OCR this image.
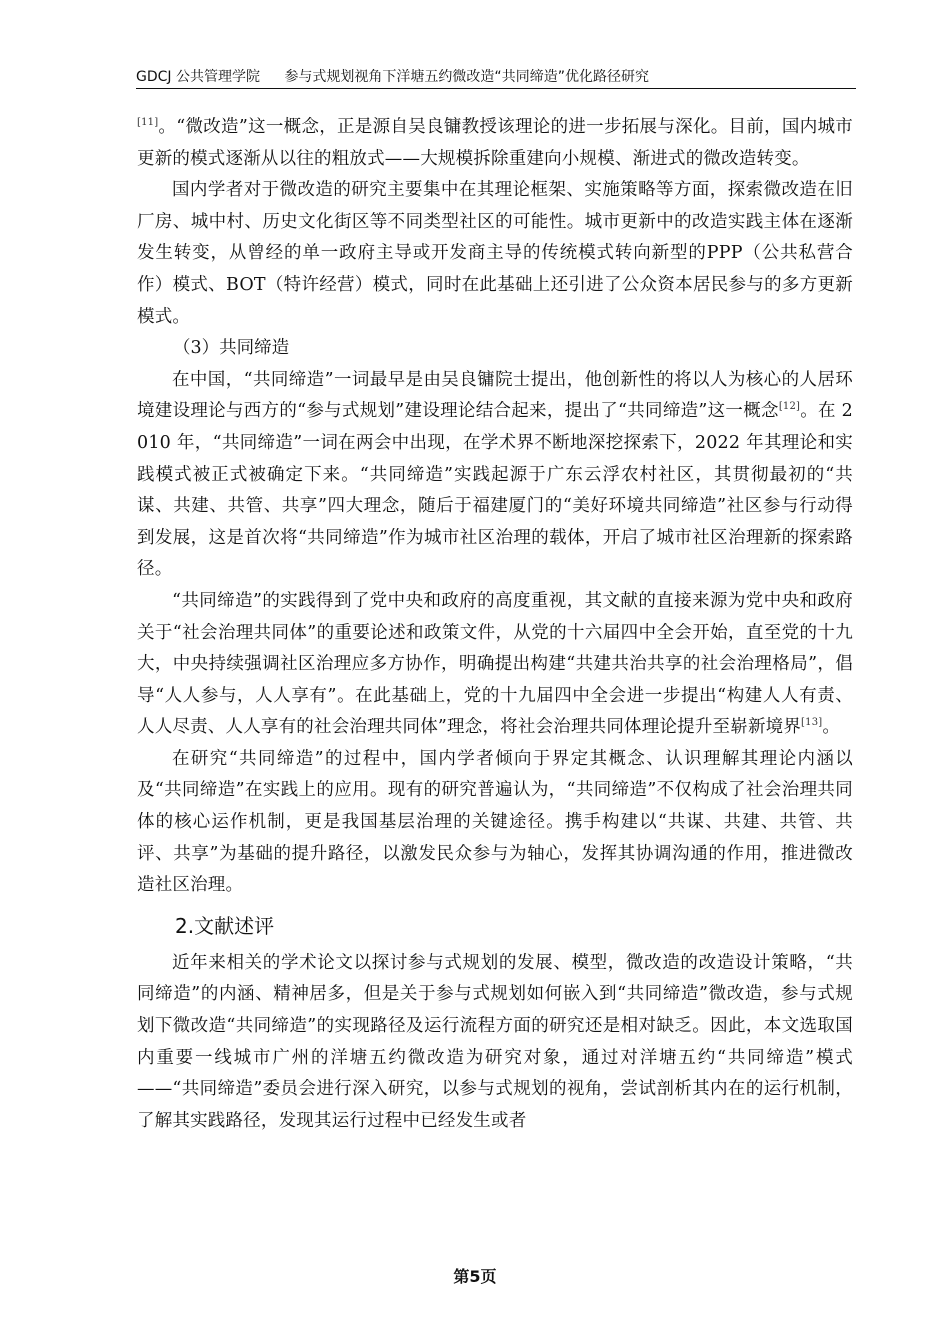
GDCJ 公共管理学院 参与式规划视角下洋塘五约微改造“共同缔造”优化路径研究

[11]。“微改造”这一概念，正是源自吴良镛教授该理论的进一步拓展与深化。目前，国内城市更新的模式逐渐从以往的粗放式——大规模拆除重建向小规模、渐进式的微改造转变。

国内学者对于微改造的研究主要集中在其理论框架、实施策略等方面，探索微改造在旧厂房、城中村、历史文化街区等不同类型社区的可能性。城市更新中的改造实践主体在逐渐发生转变，从曾经的单一政府主导或开发商主导的传统模式转向新型的PPP（公共私营合作）模式、BOT（特许经营）模式，同时在此基础上还引进了公众资本居民参与的多方更新模式。

（3）共同缔造

在中国，“共同缔造”一词最早是由吴良镛院士提出，他创新性的将以人为核心的人居环境建设理论与西方的“参与式规划”建设理论结合起来，提出了“共同缔造”这一概念[12]。在 2010 年，“共同缔造”一词在两会中出现，在学术界不断地深挖探索下，2022 年其理论和实践模式被正式被确定下来。“共同缔造”实践起源于广东云浮农村社区，其贯彻最初的“共谋、共建、共管、共享”四大理念，随后于福建厦门的“美好环境共同缔造”社区参与行动得到发展，这是首次将“共同缔造”作为城市社区治理的载体，开启了城市社区治理新的探索路径。

“共同缔造”的实践得到了党中央和政府的高度重视，其文献的直接来源为党中央和政府关于“社会治理共同体”的重要论述和政策文件，从党的十六届四中全会开始，直至党的十九大，中央持续强调社区治理应多方协作，明确提出构建“共建共治共享的社会治理格局”，倡导“人人参与，人人享有”。在此基础上，党的十九届四中全会进一步提出“构建人人有责、人人尽责、人人享有的社会治理共同体”理念，将社会治理共同体理论提升至崭新境界[13]。

在研究“共同缔造”的过程中，国内学者倾向于界定其概念、认识理解其理论内涵以及“共同缔造”在实践上的应用。现有的研究普遍认为，“共同缔造”不仅构成了社会治理共同体的核心运作机制，更是我国基层治理的关键途径。携手构建以“共谋、共建、共管、共评、共享”为基础的提升路径，以激发民众参与为轴心，发挥其协调沟通的作用，推进微改造社区治理。

2.文献述评

近年来相关的学术论文以探讨参与式规划的发展、模型，微改造的改造设计策略，“共同缔造”的内涵、精神居多，但是关于参与式规划如何嵌入到“共同缔造”微改造，参与式规划下微改造“共同缔造”的实现路径及运行流程方面的研究还是相对缺乏。因此，本文选取国内重要一线城市广州的洋塘五约微改造为研究对象，通过对洋塘五约“共同缔造”模式——“共同缔造”委员会进行深入研究，以参与式规划的视角，尝试剖析其内在的运行机制，了解其实践路径，发现其运行过程中已经发生或者

第5页
